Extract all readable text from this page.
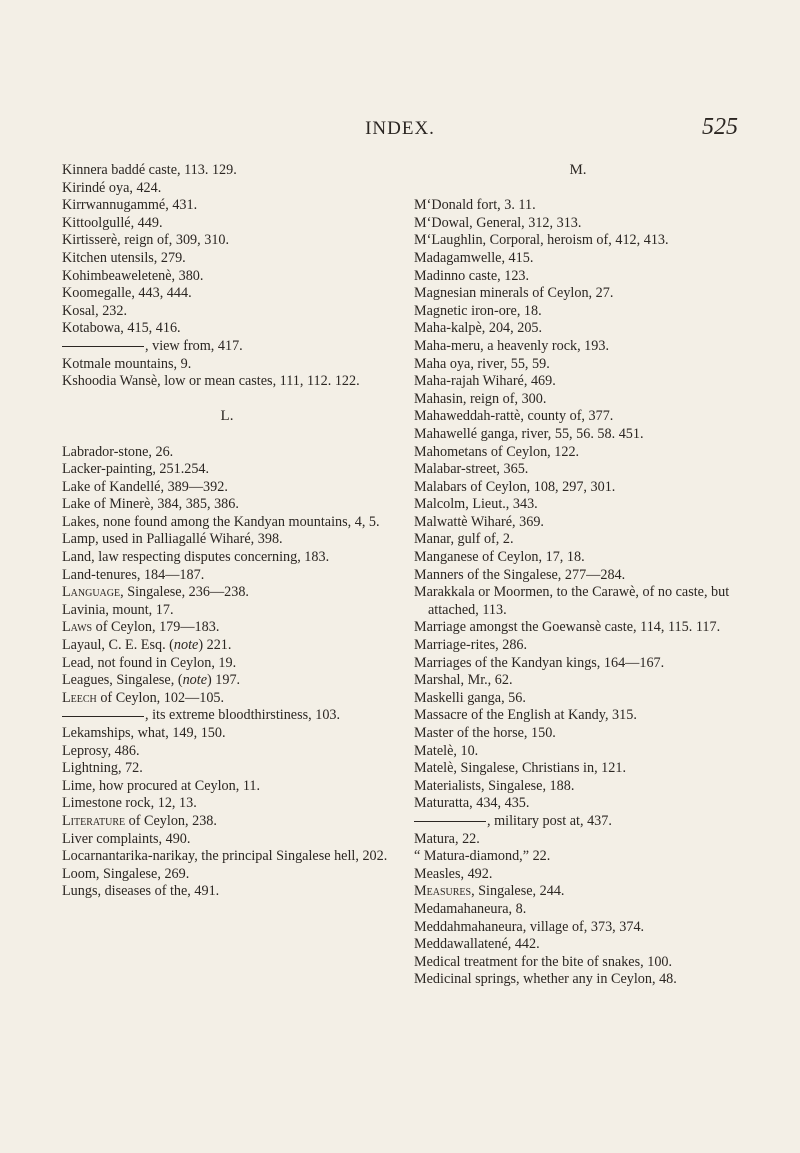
INDEX.	525
Kinnera baddé caste, 113. 129.
Kirindé oya, 424.
Kirrwannugammé, 431.
Kittoolgullé, 449.
Kirtisserè, reign of, 309, 310.
Kitchen utensils, 279.
Kohimbeaweletenè, 380.
Koomegalle, 443, 444.
Kosal, 232.
Kotabowa, 415, 416.
, view from, 417.
Kotmale mountains, 9.
Kshoodia Wansè, low or mean castes, 111, 112. 122.
L.
Labrador-stone, 26.
Lacker-painting, 251.254.
Lake of Kandellé, 389—392.
Lake of Minerè, 384, 385, 386.
Lakes, none found among the Kandyan mountains, 4, 5.
Lamp, used in Palliagallé Wiharé, 398.
Land, law respecting disputes concerning, 183.
Land-tenures, 184—187.
Language, Singalese, 236—238.
Lavinia, mount, 17.
Laws of Ceylon, 179—183.
Layaul, C. E. Esq. (note) 221.
Lead, not found in Ceylon, 19.
Leagues, Singalese, (note) 197.
Leech of Ceylon, 102—105.
, its extreme bloodthirstiness, 103.
Lekamships, what, 149, 150.
Leprosy, 486.
Lightning, 72.
Lime, how procured at Ceylon, 11.
Limestone rock, 12, 13.
Literature of Ceylon, 238.
Liver complaints, 490.
Locarnantarika-narikay, the principal Singalese hell, 202.
Loom, Singalese, 269.
Lungs, diseases of the, 491.
M.
M‘Donald fort, 3. 11.
M‘Dowal, General, 312, 313.
M‘Laughlin, Corporal, heroism of, 412, 413.
Madagamwelle, 415.
Madinno caste, 123.
Magnesian minerals of Ceylon, 27.
Magnetic iron-ore, 18.
Maha-kalpè, 204, 205.
Maha-meru, a heavenly rock, 193.
Maha oya, river, 55, 59.
Maha-rajah Wiharé, 469.
Mahasin, reign of, 300.
Mahaweddah-rattè, county of, 377.
Mahawellé ganga, river, 55, 56. 58. 451.
Mahometans of Ceylon, 122.
Malabar-street, 365.
Malabars of Ceylon, 108, 297, 301.
Malcolm, Lieut., 343.
Malwattè Wiharé, 369.
Manar, gulf of, 2.
Manganese of Ceylon, 17, 18.
Manners of the Singalese, 277—284.
Marakkala or Moormen, to the Carawè, of no caste, but attached, 113.
Marriage amongst the Goewansè caste, 114, 115. 117.
Marriage-rites, 286.
Marriages of the Kandyan kings, 164—167.
Marshal, Mr., 62.
Maskelli ganga, 56.
Massacre of the English at Kandy, 315.
Master of the horse, 150.
Matelè, 10.
Matelè, Singalese, Christians in, 121.
Materialists, Singalese, 188.
Maturatta, 434, 435.
, military post at, 437.
Matura, 22.
“ Matura-diamond,” 22.
Measles, 492.
Measures, Singalese, 244.
Medamahaneura, 8.
Meddahmahaneura, village of, 373, 374.
Meddawallatené, 442.
Medical treatment for the bite of snakes, 100.
Medicinal springs, whether any in Ceylon, 48.
